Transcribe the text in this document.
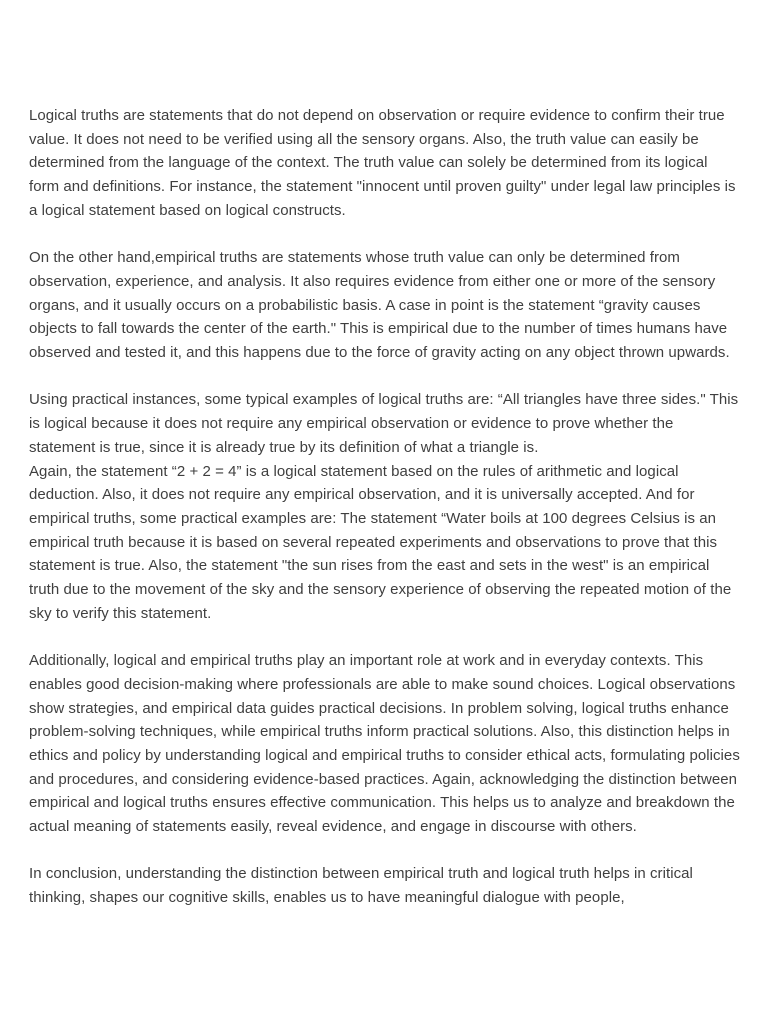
Logical truths are statements that do not depend on observation or require evidence to confirm their true value. It does not need to be verified using all the sensory organs. Also, the truth value can easily be determined from the language of the context. The truth value can solely be determined from its logical form and definitions. For instance, the statement "innocent until proven guilty" under legal law principles is a logical statement based on logical constructs.

On the other hand,empirical truths are statements whose truth value can only be determined from observation, experience, and analysis. It also requires evidence from either one or more of the sensory organs, and it usually occurs on a probabilistic basis. A case in point is the statement “gravity causes objects to fall towards the center of the earth." This is empirical due to the number of times humans have observed and tested it, and this happens due to the force of gravity acting on any object thrown upwards.

Using practical instances, some typical examples of logical truths are: “All triangles have three sides." This is logical because it does not require any empirical observation or evidence to prove whether the statement is true, since it is already true by its definition of what a triangle is.

Again, the statement “2 + 2 = 4” is a logical statement based on the rules of arithmetic and logical deduction. Also, it does not require any empirical observation, and it is universally accepted. And for empirical truths, some practical examples are: The statement “Water boils at 100 degrees Celsius is an empirical truth because it is based on several repeated experiments and observations to prove that this statement is true. Also, the statement "the sun rises from the east and sets in the west" is an empirical truth due to the movement of the sky and the sensory experience of observing the repeated motion of the sky to verify this statement.

Additionally, logical and empirical truths play an important role at work and in everyday contexts. This enables good decision-making where professionals are able to make sound choices. Logical observations show strategies, and empirical data guides practical decisions. In problem solving, logical truths enhance problem-solving techniques, while empirical truths inform practical solutions. Also, this distinction helps in ethics and policy by understanding logical and empirical truths to consider ethical acts, formulating policies and procedures, and considering evidence-based practices. Again, acknowledging the distinction between empirical and logical truths ensures effective communication. This helps us to analyze and breakdown the actual meaning of statements easily, reveal evidence, and engage in discourse with others.

In conclusion, understanding the distinction between empirical truth and logical truth helps in critical thinking, shapes our cognitive skills, enables us to have meaningful dialogue with people,
